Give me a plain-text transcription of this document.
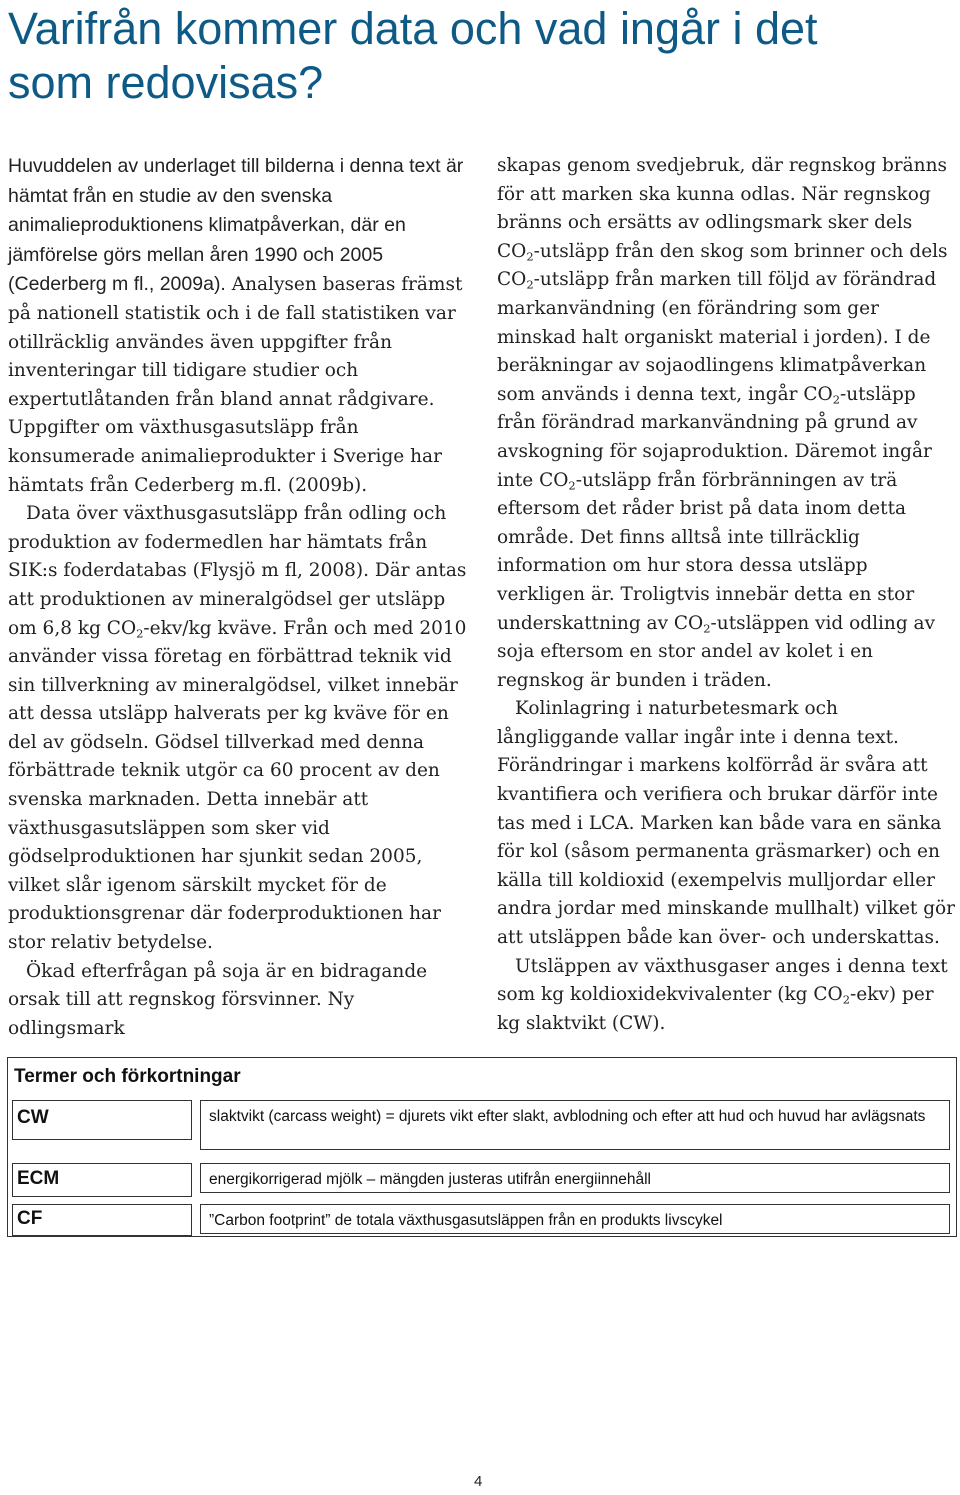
Varifrån kommer data och vad ingår i det som redovisas?

Huvuddelen av underlaget till bilderna i denna text är hämtat från en studie av den svenska animalieproduktionens klimatpåverkan, där en jämförelse görs mellan åren 1990 och 2005 (Cederberg m fl., 2009a). Analysen baseras främst på nationell statistik och i de fall statistiken var otillräcklig användes även uppgifter från inventeringar till tidigare studier och expertutlåtanden från bland annat rådgivare. Uppgifter om växthusgasutsläpp från konsumerade animalieprodukter i Sverige har hämtats från Cederberg m.fl. (2009b).

Data över växthusgasutsläpp från odling och produktion av fodermedlen har hämtats från SIK:s foderdatabas (Flysjö m fl, 2008). Där antas att produktionen av mineralgödsel ger utsläpp om 6,8 kg $CO_2-ekv/kg$ kväve. Från och med 2010 använder vissa företag en förbättrad teknik vid sin tillverkning av mineralgödsel, vilket innebär att dessa utsläpp halverats per kg kväve för en del av gödseln. Gödsel tillverkad med denna förbättrade teknik utgör ca 60 procent av den svenska marknaden. Detta innebär att växthusgasutsläppen som sker vid gödselproduktionen har sjunkit sedan 2005, vilket slår igenom särskilt mycket för de produktionsgrenar där foderproduktionen har stor relativ betydelse.

Ökad efterfrågan på soja är en bidragande orsak till att regnskog försvinner. Ny odlingsmark

skapas genom svedjebruk, där regnskog bränns för att marken ska kunna odlas. När regnskog bränns och ersätts av odlingsmark sker dels $CO_2$-utsläpp från den skog som brinner och dels $CO_2$-utsläpp från marken till följd av förändrad markanvändning (en förändring som ger minskad halt organiskt material i jorden). I de beräkningar av sojaodlingens klimatpåverkan som används i denna text, ingår $CO_2$-utsläpp från förändrad markanvändning på grund av avskogning för sojaproduktion. Däremot ingår inte $CO_2$-utsläpp från förbränningen av trä eftersom det råder brist på data inom detta område. Det finns alltså inte tillräcklig information om hur stora dessa utsläpp verkligen är. Troligtvis innebär detta en stor underskattning av $CO_2$-utsläppen vid odling av soja eftersom en stor andel av kolet i en regnskog är bunden i träden.

Kolinlagring i naturbetesmark och långliggande vallar ingår inte i denna text. Förändringar i markens kolförråd är svåra att kvantifiera och verifiera och brukar därför inte tas med i LCA. Marken kan både vara en sänka för kol (såsom permanenta gräsmarker) och en källa till koldioxid (exempelvis mulljordar eller andra jordar med minskande mullhalt) vilket gör att utsläppen både kan över- och underskattas.

Utsläppen av växthusgaser anges i denna text som kg koldioxidekvivalenter (kg $CO_2-ekv$) per kg slaktvikt (CW).

Termer och förkortningar
CW	slaktvikt (carcass weight) = djurets vikt efter slakt, avblodning och efter att hud och huvud har avlägsnats
ECM	energikorrigerad mjölk – mängden justeras utifrån energiinnehåll
CF	”Carbon footprint” de totala växthusgasutsläppen från en produkts livscykel
4
